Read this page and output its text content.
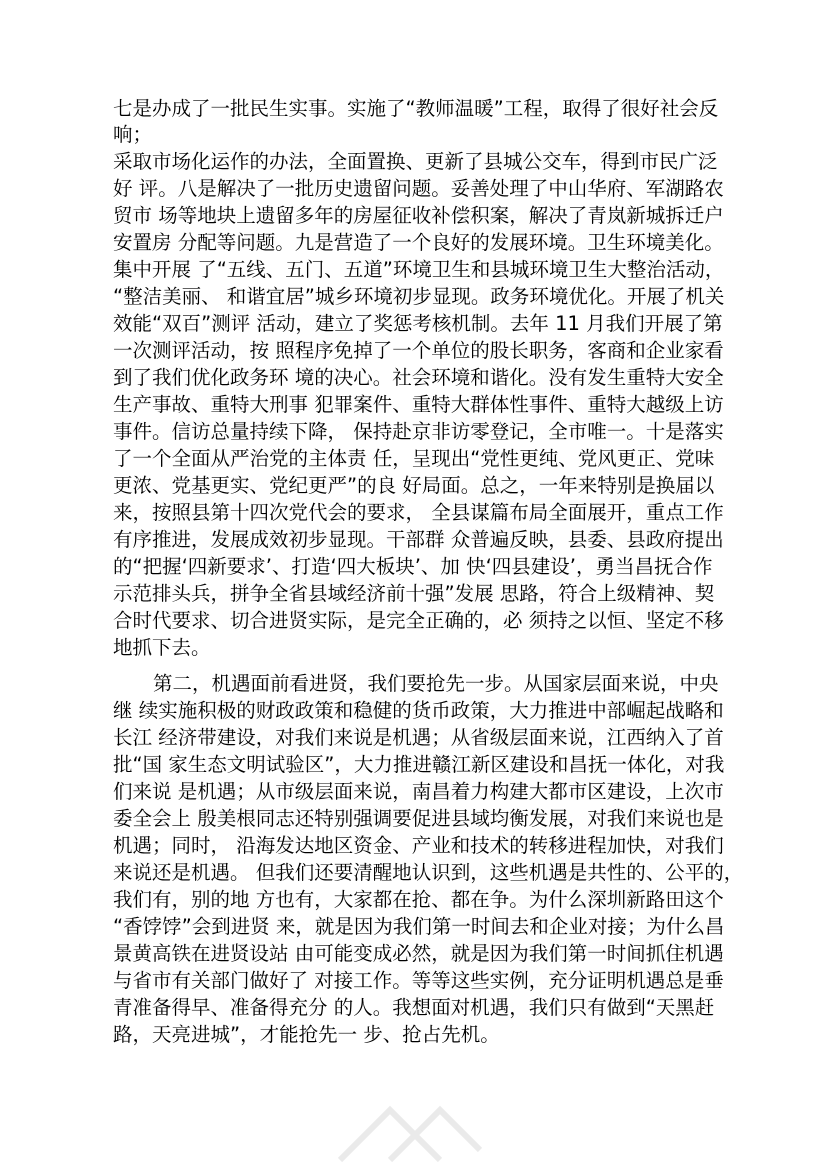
七是办成了一批民生实事。实施了“教师温暖”工程，取得了很好社会反
响；
采取市场化运作的办法，全面置换、更新了县城公交车，得到市民广泛
好 评。八是解决了一批历史遗留问题。妥善处理了中山华府、军湖路农
贸市 场等地块上遗留多年的房屋征收补偿积案，解决了青岚新城拆迁户
安置房 分配等问题。九是营造了一个良好的发展环境。卫生环境美化。
集中开展 了“五线、五门、五道”环境卫生和县城环境卫生大整治活动，
“整洁美丽、 和谐宜居”城乡环境初步显现。政务环境优化。开展了机关
效能“双百”测评 活动，建立了奖惩考核机制。去年 11 月我们开展了第
一次测评活动，按 照程序免掉了一个单位的股长职务，客商和企业家看
到了我们优化政务环 境的决心。社会环境和谐化。没有发生重特大安全
生产事故、重特大刑事 犯罪案件、重特大群体性事件、重特大越级上访
事件。信访总量持续下降， 保持赴京非访零登记，全市唯一。十是落实
了一个全面从严治党的主体责 任，呈现出“党性更纯、党风更正、党味
更浓、党基更实、党纪更严”的良 好局面。总之，一年来特别是换届以
来，按照县第十四次党代会的要求， 全县谋篇布局全面展开，重点工作
有序推进，发展成效初步显现。干部群 众普遍反映，县委、县政府提出
的“把握‘四新要求’、打造‘四大板块’、加 快‘四县建设’，勇当昌抚合作
示范排头兵，拼争全省县域经济前十强”发展 思路，符合上级精神、契
合时代要求、切合进贤实际，是完全正确的，必 须持之以恒、坚定不移
地抓下去。
第二，机遇面前看进贤，我们要抢先一步。从国家层面来说，中央
继 续实施积极的财政政策和稳健的货币政策，大力推进中部崛起战略和
长江 经济带建设，对我们来说是机遇；从省级层面来说，江西纳入了首
批“国 家生态文明试验区”，大力推进赣江新区建设和昌抚一体化，对我
们来说 是机遇；从市级层面来说，南昌着力构建大都市区建设，上次市
委全会上 殷美根同志还特别强调要促进县域均衡发展，对我们来说也是
机遇；同时， 沿海发达地区资金、产业和技术的转移进程加快，对我们
来说还是机遇。 但我们还要清醒地认识到，这些机遇是共性的、公平的，
我们有，别的地 方也有，大家都在抢、都在争。为什么深圳新路田这个
“香饽饽”会到进贤 来，就是因为我们第一时间去和企业对接；为什么昌
景黄高铁在进贤设站 由可能变成必然，就是因为我们第一时间抓住机遇
与省市有关部门做好了 对接工作。等等这些实例，充分证明机遇总是垂
青准备得早、准备得充分 的人。我想面对机遇，我们只有做到“天黑赶
路，天亮进城”，才能抢先一 步、抢占先机。
